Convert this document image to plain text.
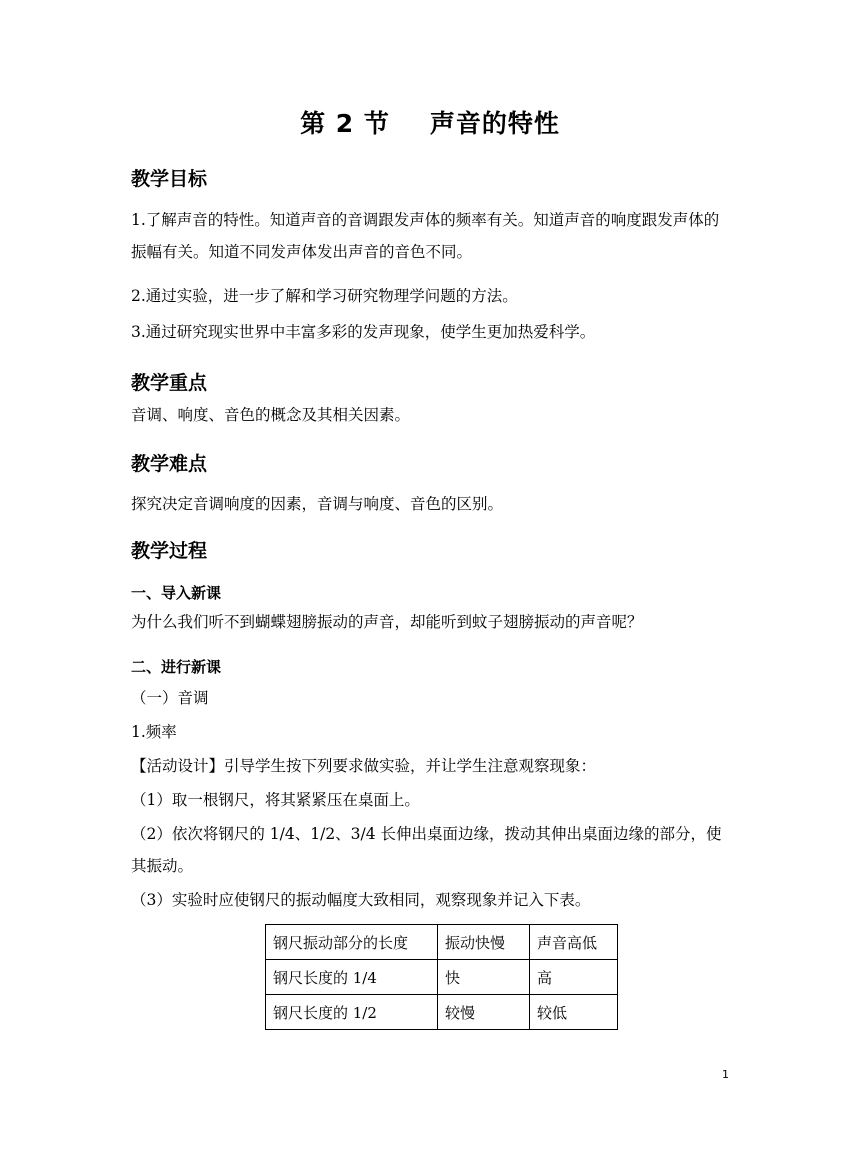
第 2 节 声音的特性
教学目标
1.了解声音的特性。知道声音的音调跟发声体的频率有关。知道声音的响度跟发声体的振幅有关。知道不同发声体发出声音的音色不同。
2.通过实验，进一步了解和学习研究物理学问题的方法。
3.通过研究现实世界中丰富多彩的发声现象，使学生更加热爱科学。
教学重点
音调、响度、音色的概念及其相关因素。
教学难点
探究决定音调响度的因素，音调与响度、音色的区别。
教学过程
一、导入新课
为什么我们听不到蝴蝶翅膀振动的声音，却能听到蚊子翅膀振动的声音呢？
二、进行新课
（一）音调
1.频率
【活动设计】引导学生按下列要求做实验，并让学生注意观察现象：
（1）取一根钢尺，将其紧紧压在桌面上。
（2）依次将钢尺的 1/4、1/2、3/4 长伸出桌面边缘，拨动其伸出桌面边缘的部分，使其振动。
（3）实验时应使钢尺的振动幅度大致相同，观察现象并记入下表。
钢尺振动部分的长度	振动快慢	声音高低
钢尺长度的 1/4	快	高
钢尺长度的 1/2	较慢	较低
1
